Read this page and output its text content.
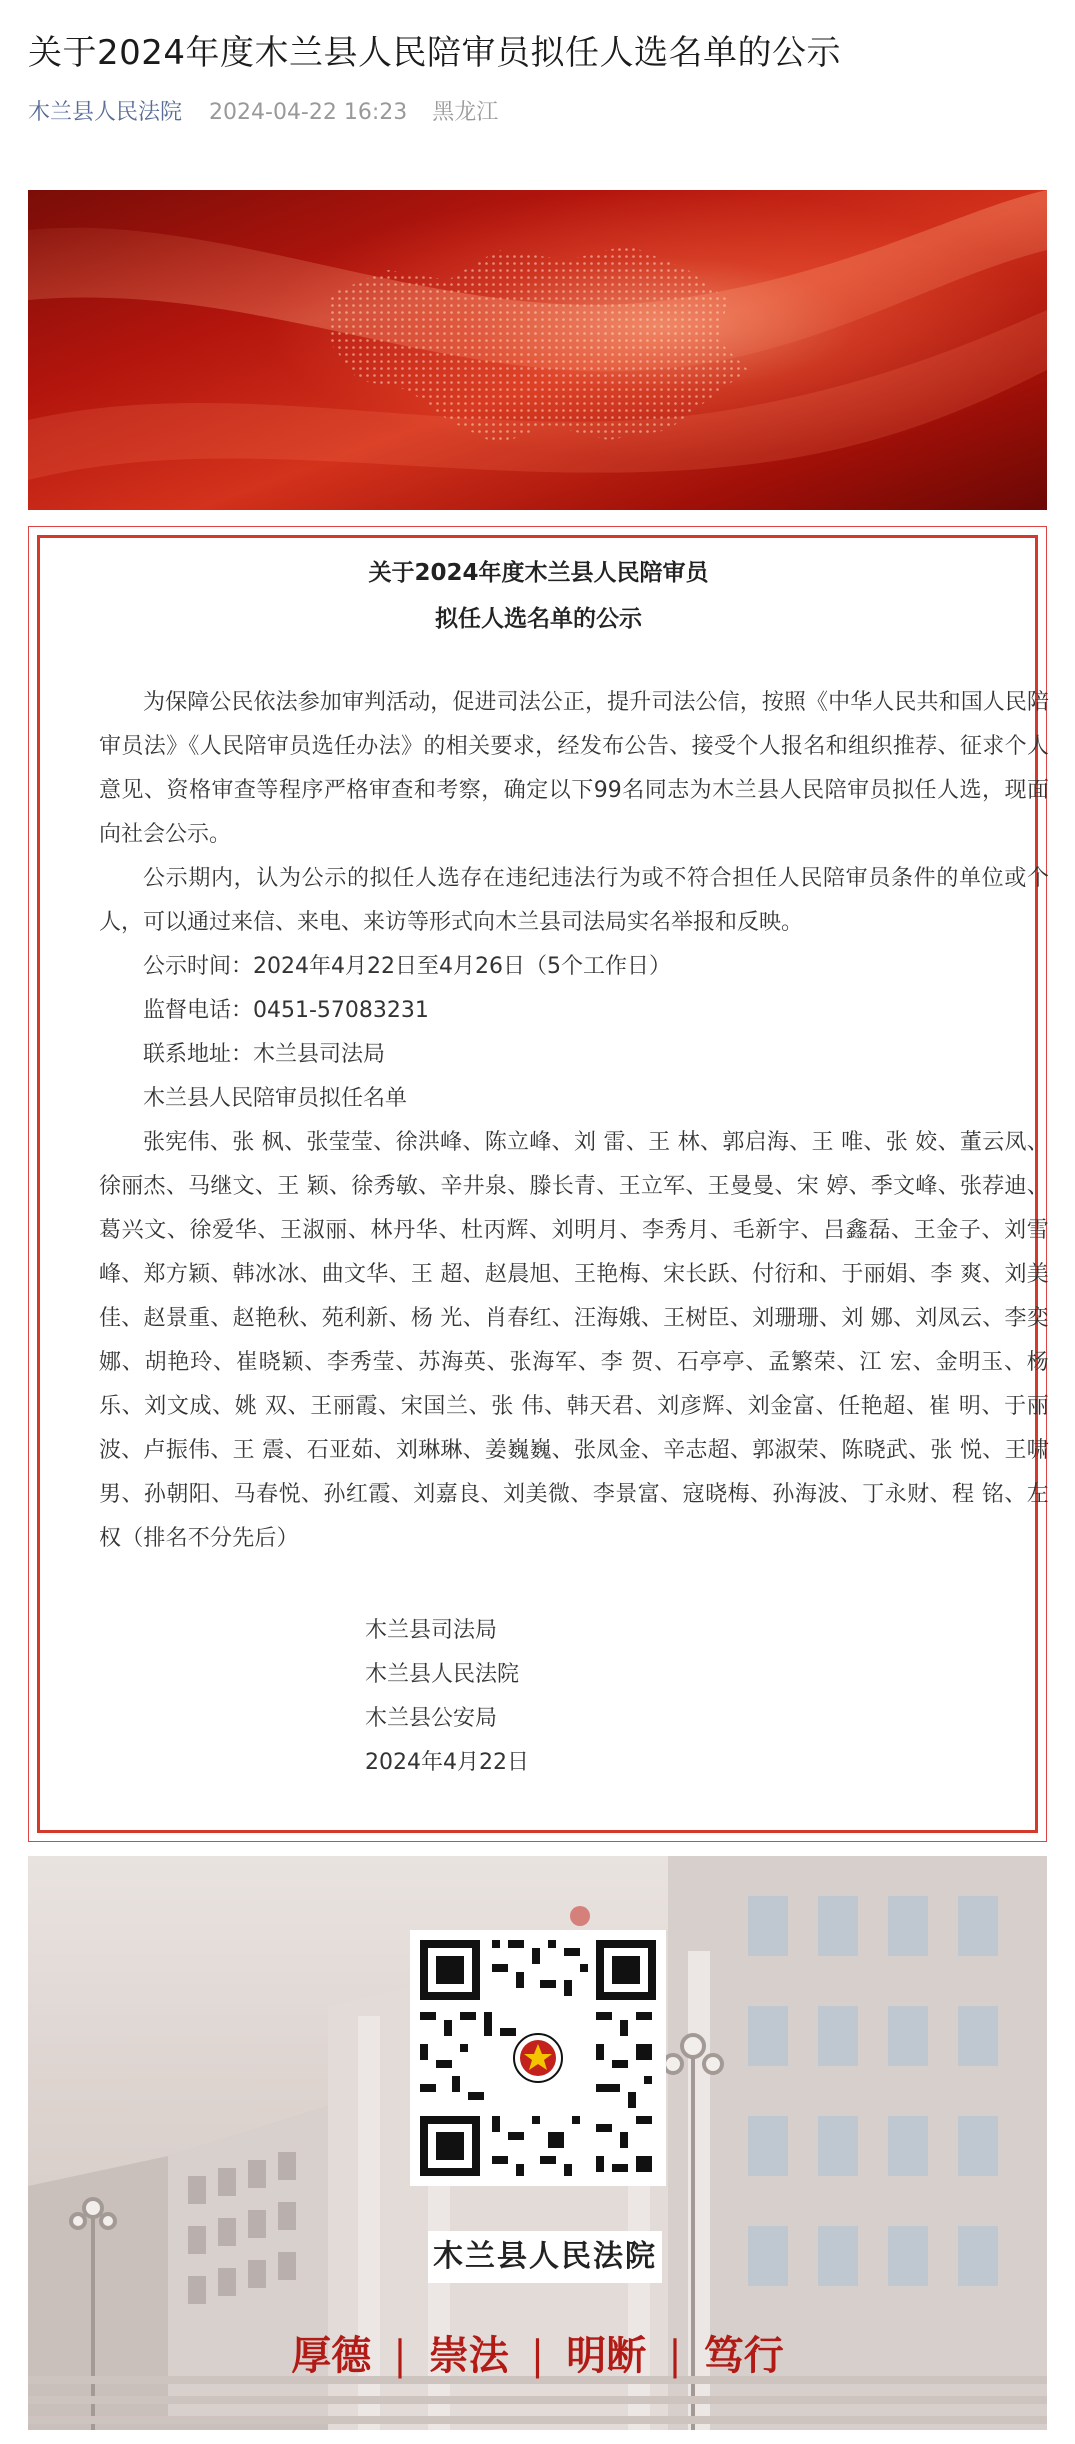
关于2024年度木兰县人民陪审员拟任人选名单的公示
木兰县人民法院 2024-04-22 16:23 黑龙江
关于2024年度木兰县人民陪审员
拟任人选名单的公示

为保障公民依法参加审判活动，促进司法公正，提升司法公信，按照《中华人民共和国人民陪审员法》《人民陪审员选任办法》的相关要求，经发布公告、接受个人报名和组织推荐、征求个人意见、资格审查等程序严格审查和考察，确定以下99名同志为木兰县人民陪审员拟任人选，现面向社会公示。

公示期内，认为公示的拟任人选存在违纪违法行为或不符合担任人民陪审员条件的单位或个人，可以通过来信、来电、来访等形式向木兰县司法局实名举报和反映。

公示时间：2024年4月22日至4月26日（5个工作日）

监督电话：0451-57083231

联系地址：木兰县司法局

木兰县人民陪审员拟任名单

张宪伟、张 枫、张莹莹、徐洪峰、陈立峰、刘 雷、王 林、郭启海、王 唯、张 姣、董云凤、徐丽杰、马继文、王 颖、徐秀敏、辛井泉、滕长青、王立军、王曼曼、宋 婷、季文峰、张荐迪、葛兴文、徐爱华、王淑丽、林丹华、杜丙辉、刘明月、李秀月、毛新宇、吕鑫磊、王金子、刘雪峰、郑方颖、韩冰冰、曲文华、王 超、赵晨旭、王艳梅、宋长跃、付衍和、于丽娟、李 爽、刘美佳、赵景重、赵艳秋、苑利新、杨 光、肖春红、汪海娥、王树臣、刘珊珊、刘 娜、刘凤云、李奕娜、胡艳玲、崔晓颖、李秀莹、苏海英、张海军、李 贺、石亭亭、孟繁荣、江 宏、金明玉、杨 乐、刘文成、姚 双、王丽霞、宋国兰、张 伟、韩天君、刘彦辉、刘金富、任艳超、崔 明、于丽波、卢振伟、王 震、石亚茹、刘琳琳、姜巍巍、张凤金、辛志超、郭淑荣、陈晓武、张 悦、王啸男、孙朝阳、马春悦、孙红霞、刘嘉良、刘美微、李景富、寇晓梅、孙海波、丁永财、程 铭、左 权（排名不分先后）

木兰县司法局

木兰县人民法院

木兰县公安局

2024年4月22日

木兰县人民法院
厚德 | 崇法 | 明断 | 笃行
